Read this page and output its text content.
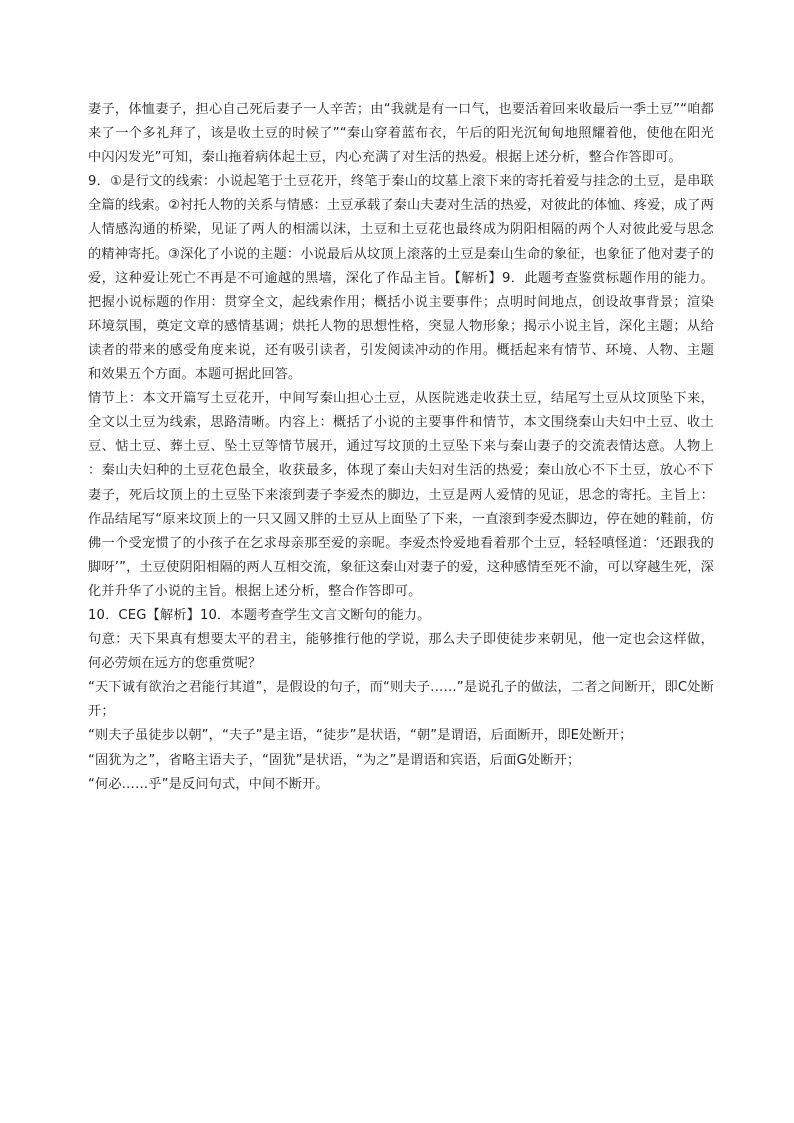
妻子，体恤妻子，担心自己死后妻子一人辛苦；由“我就是有一口气，也要活着回来收最后一季土豆”“咱都来了一个多礼拜了，该是收土豆的时候了”“秦山穿着蓝布衣，午后的阳光沉甸甸地照耀着他，使他在阳光中闪闪发光”可知，秦山拖着病体起土豆，内心充满了对生活的热爱。根据上述分析，整合作答即可。

9．①是行文的线索：小说起笔于土豆花开，终笔于秦山的坟墓上滚下来的寄托着爱与挂念的土豆，是串联全篇的线索。②衬托人物的关系与情感：土豆承载了秦山夫妻对生活的热爱，对彼此的体恤、疼爱，成了两人情感沟通的桥梁，见证了两人的相濡以沫，土豆和土豆花也最终成为阴阳相隔的两个人对彼此爱与思念的精神寄托。③深化了小说的主题：小说最后从坟顶上滚落的土豆是秦山生命的象征，也象征了他对妻子的爱，这种爱让死亡不再是不可逾越的黑墙，深化了作品主旨。【解析】9．此题考查鉴赏标题作用的能力。把握小说标题的作用：贯穿全文，起线索作用；概括小说主要事件；点明时间地点，创设故事背景；渲染环境氛围，奠定文章的感情基调；烘托人物的思想性格，突显人物形象；揭示小说主旨，深化主题；从给读者的带来的感受角度来说，还有吸引读者，引发阅读冲动的作用。概括起来有情节、环境、人物、主题和效果五个方面。本题可据此回答。

情节上：本文开篇写土豆花开，中间写秦山担心土豆，从医院逃走收获土豆，结尾写土豆从坟顶坠下来，全文以土豆为线索，思路清晰。内容上：概括了小说的主要事件和情节，本文围绕秦山夫妇中土豆、收土豆、惦土豆、葬土豆、坠土豆等情节展开，通过写坟顶的土豆坠下来与秦山妻子的交流表情达意。人物上：秦山夫妇种的土豆花色最全，收获最多，体现了秦山夫妇对生活的热爱；秦山放心不下土豆，放心不下妻子，死后坟顶上的土豆坠下来滚到妻子李爱杰的脚边，土豆是两人爱情的见证，思念的寄托。主旨上：作品结尾写“原来坟顶上的一只又圆又胖的土豆从上面坠了下来，一直滚到李爱杰脚边，停在她的鞋前，仿佛一个受宠惯了的小孩子在乞求母亲那至爱的亲昵。李爱杰怜爱地看着那个土豆，轻轻嗔怪道：‘还跟我的脚呀’”，土豆使阴阳相隔的两人互相交流，象征这秦山对妻子的爱，这种感情至死不渝，可以穿越生死，深化并升华了小说的主旨。根据上述分析，整合作答即可。

10．CEG【解析】10．本题考查学生文言文断句的能力。

句意：天下果真有想要太平的君主，能够推行他的学说，那么夫子即使徒步来朝见，他一定也会这样做，何必劳烦在远方的您重赏呢？

“天下诚有欲治之君能行其道”，是假设的句子，而“则夫子……”是说孔子的做法，二者之间断开，即C处断开；

“则夫子虽徒步以朝”，“夫子”是主语，“徒步”是状语，“朝”是谓语，后面断开，即E处断开；

“固犹为之”，省略主语夫子，“固犹”是状语，“为之”是谓语和宾语，后面G处断开；

“何必……乎”是反问句式，中间不断开。
